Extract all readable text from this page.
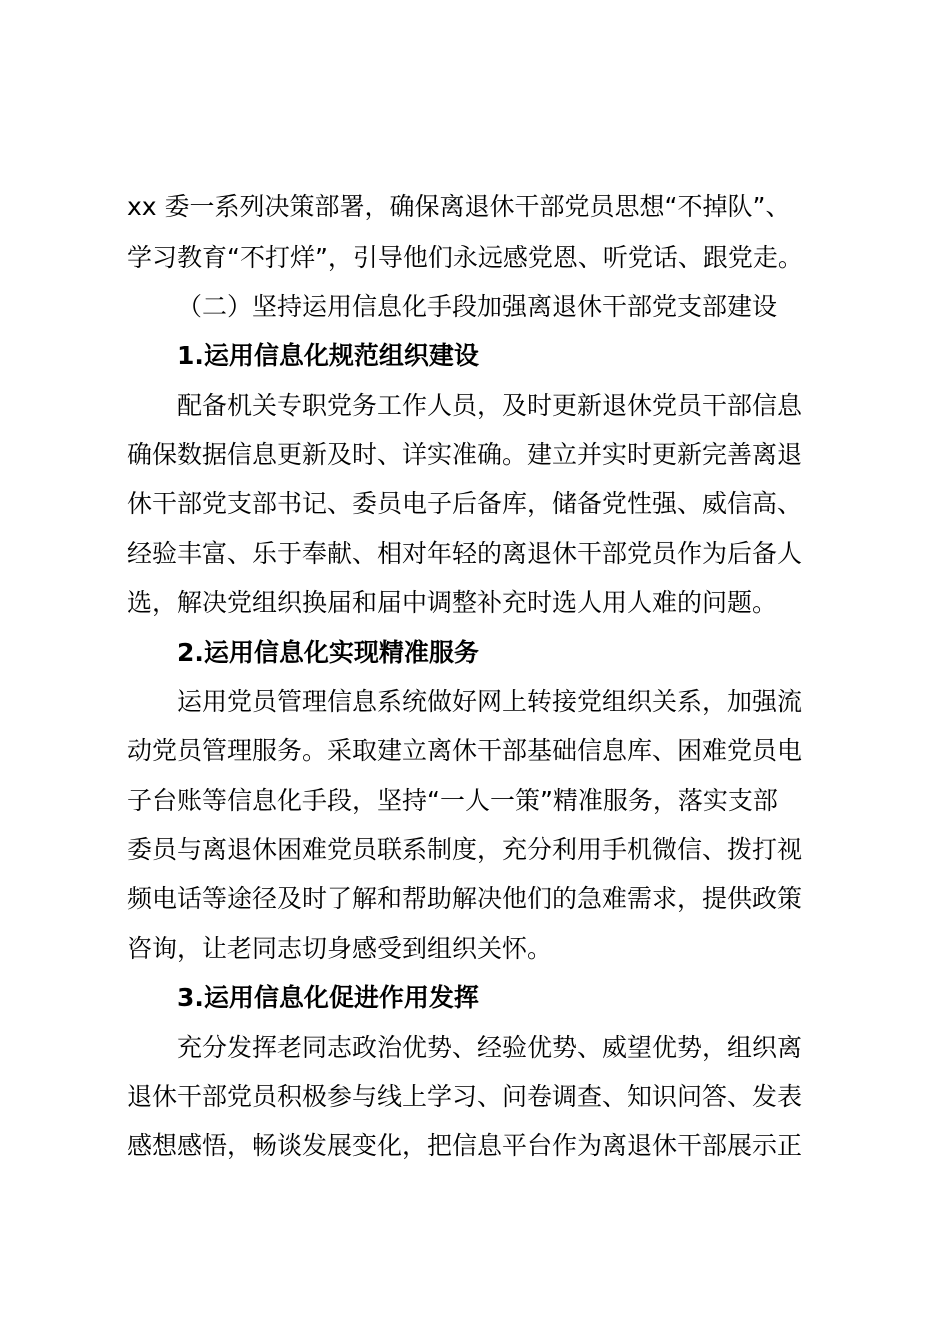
xx 委一系列决策部署，确保离退休干部党员思想“不掉队”、
学习教育“不打烊”，引导他们永远感党恩、听党话、跟党走。
（二）坚持运用信息化手段加强离退休干部党支部建设
1.运用信息化规范组织建设
配备机关专职党务工作人员，及时更新退休党员干部信息
确保数据信息更新及时、详实准确。建立并实时更新完善离退
休干部党支部书记、委员电子后备库，储备党性强、威信高、
经验丰富、乐于奉献、相对年轻的离退休干部党员作为后备人
选，解决党组织换届和届中调整补充时选人用人难的问题。
2.运用信息化实现精准服务
运用党员管理信息系统做好网上转接党组织关系，加强流
动党员管理服务。采取建立离休干部基础信息库、困难党员电
子台账等信息化手段，坚持“一人一策”精准服务，落实支部
委员与离退休困难党员联系制度，充分利用手机微信、拨打视
频电话等途径及时了解和帮助解决他们的急难需求，提供政策
咨询，让老同志切身感受到组织关怀。
3.运用信息化促进作用发挥
充分发挥老同志政治优势、经验优势、威望优势，组织离
退休干部党员积极参与线上学习、问卷调查、知识问答、发表
感想感悟，畅谈发展变化，把信息平台作为离退休干部展示正
